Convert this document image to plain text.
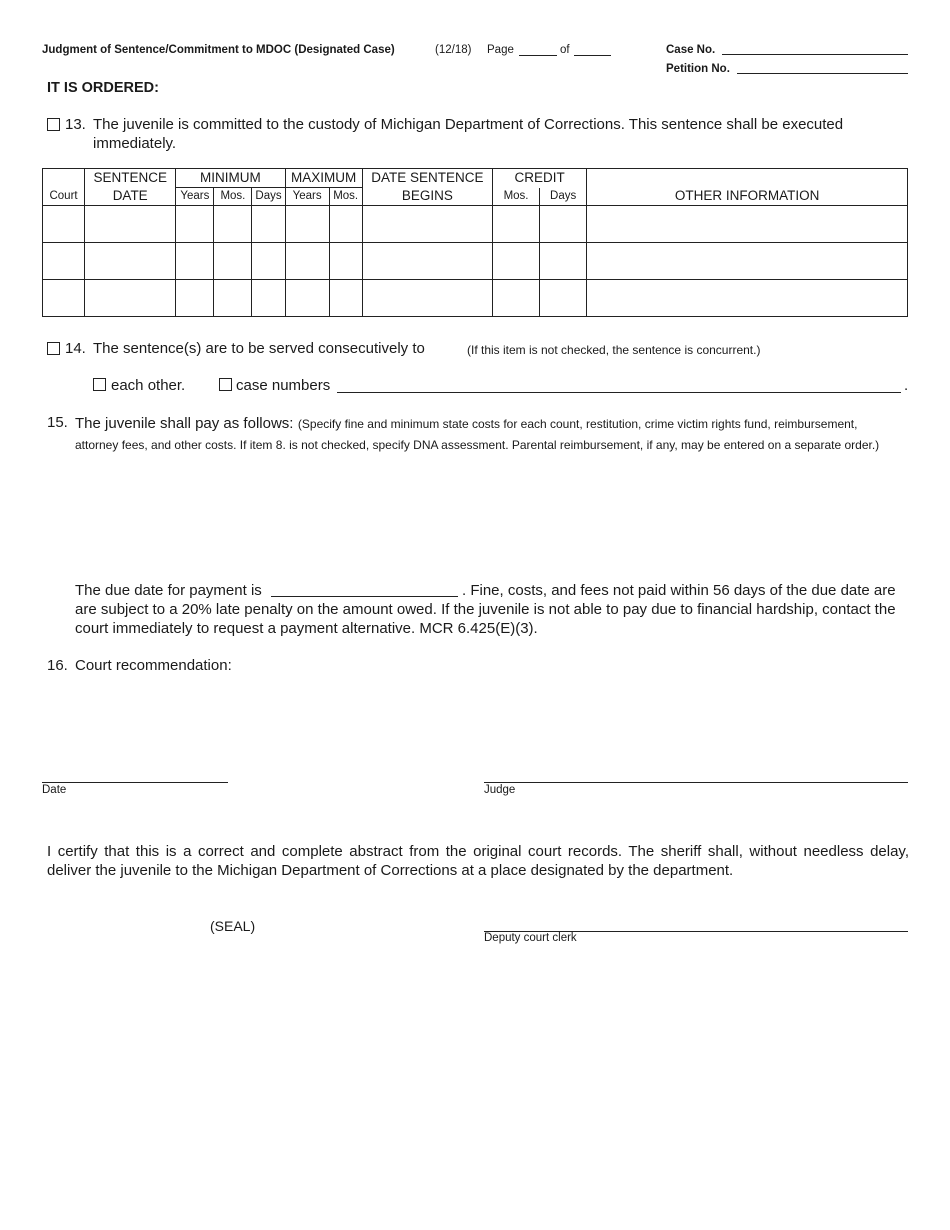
Judgment of Sentence/Commitment to MDOC (Designated Case)	(12/18) Page	of	Case No.
Petition No.
IT IS ORDERED:
13. The juvenile is committed to the custody of Michigan Department of Corrections. This sentence shall be executed immediately.
	SENTENCE	MINIMUM			MAXIMUM		DATE SENTENCE	CREDIT		
Court	DATE	Years	Mos.	Days	Years	Mos.	BEGINS	Mos.	Days	OTHER INFORMATION

14. The sentence(s) are to be served consecutively to	(If this item is not checked, the sentence is concurrent.)
each other.	case numbers	.
15. The juvenile shall pay as follows: (Specify fine and minimum state costs for each count, restitution, crime victim rights fund, reimbursement, attorney fees, and other costs. If item 8. is not checked, specify DNA assessment. Parental reimbursement, if any, may be entered on a separate order.)
The due date for payment is	. Fine, costs, and fees not paid within 56 days of the due date are
are subject to a 20% late penalty on the amount owed. If the juvenile is not able to pay due to financial hardship, contact the court immediately to request a payment alternative. MCR 6.425(E)(3).
16. Court recommendation:
Date	Judge
I certify that this is a correct and complete abstract from the original court records. The sheriff shall, without needless delay, deliver the juvenile to the Michigan Department of Corrections at a place designated by the department.
(SEAL)
Deputy court clerk
